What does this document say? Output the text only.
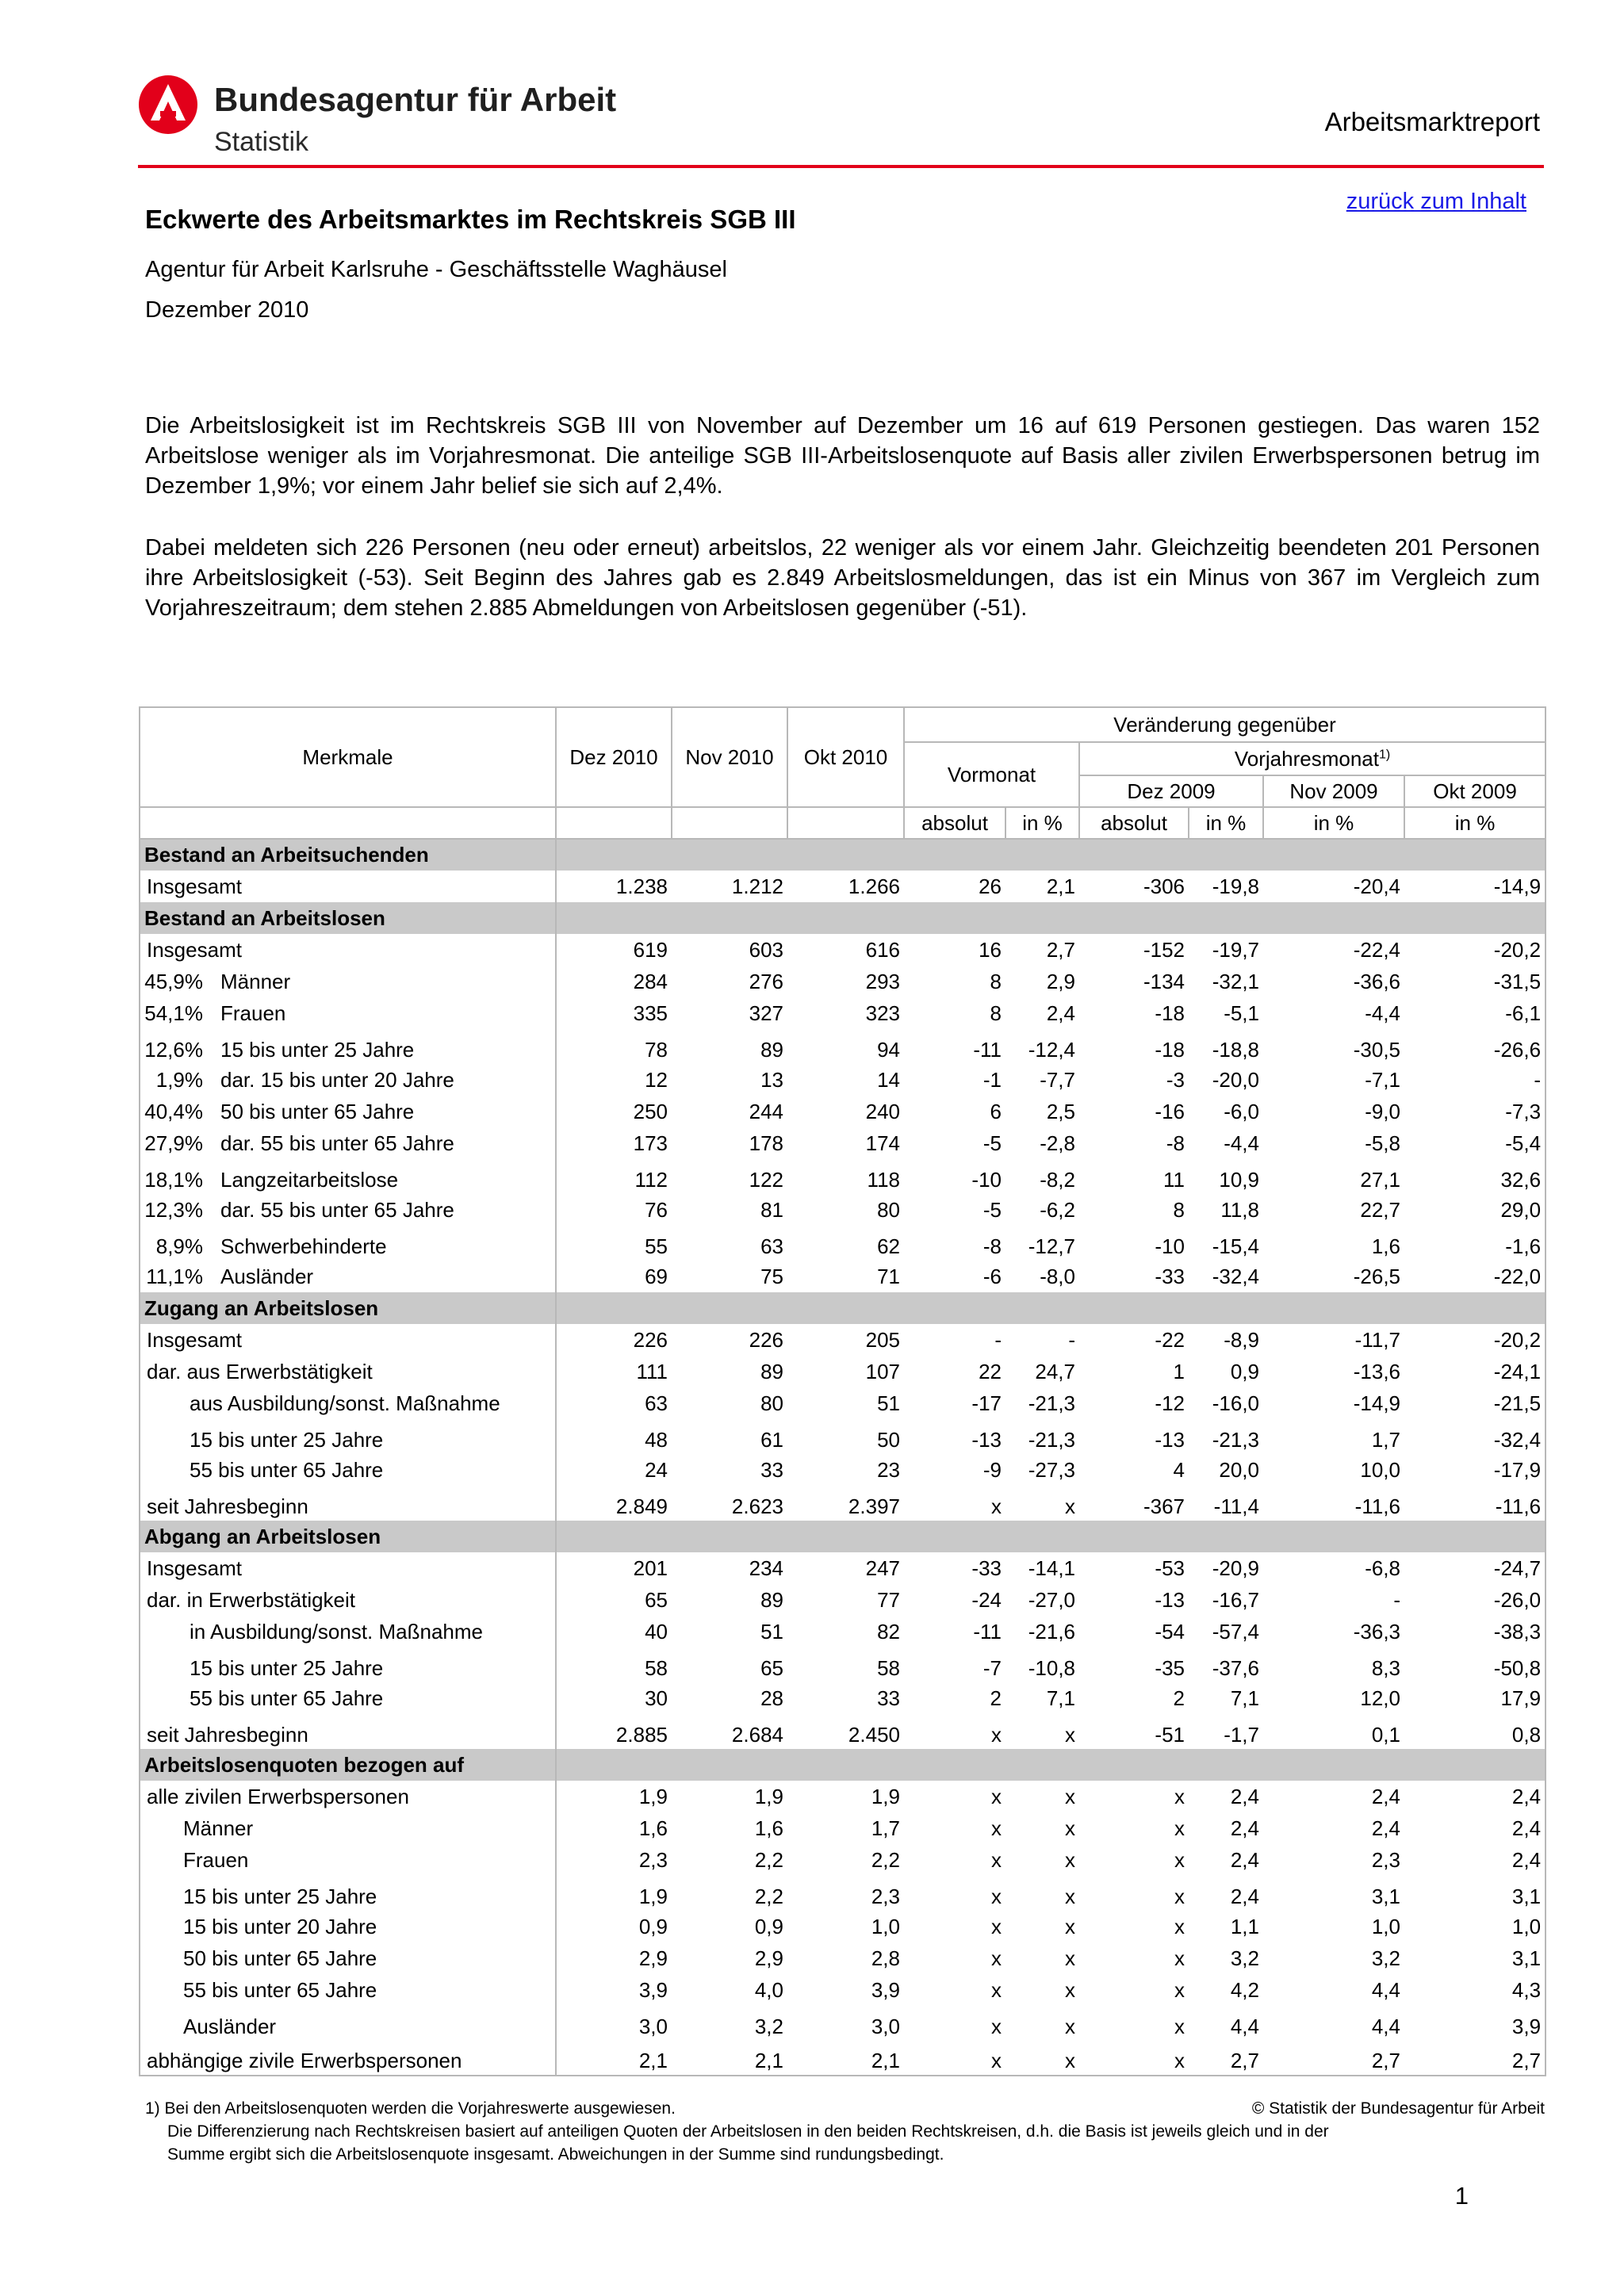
Bundesagentur für Arbeit
Statistik
Arbeitsmarktreport
zurück zum Inhalt
Eckwerte des Arbeitsmarktes im Rechtskreis SGB III
Agentur für Arbeit Karlsruhe - Geschäftsstelle Waghäusel
Dezember 2010
Die Arbeitslosigkeit ist im Rechtskreis SGB III von November auf Dezember um 16 auf 619 Personen gestiegen. Das waren 152 Arbeitslose weniger als im Vorjahresmonat. Die anteilige SGB III-Arbeitslosenquote auf Basis aller zivilen Erwerbspersonen betrug im Dezember 1,9%; vor einem Jahr belief sie sich auf 2,4%.
Dabei meldeten sich 226 Personen (neu oder erneut) arbeitslos, 22 weniger als vor einem Jahr. Gleichzeitig beendeten 201 Personen ihre Arbeitslosigkeit (-53). Seit Beginn des Jahres gab es 2.849 Arbeitslosmeldungen, das ist ein Minus von 367 im Vergleich zum Vorjahreszeitraum; dem stehen 2.885 Abmeldungen von Arbeitslosen gegenüber (-51).
Merkmale	Dez 2010	Nov 2010	Okt 2010	Veränderung gegenüber					
				Vormonat		Vorjahresmonat$^{1)}$
						Dez 2009		Nov 2009	Okt 2009
				absolut	in %	absolut	in %	in %	in %
Bestand an Arbeitsuchenden									
Insgesamt	1.238	1.212	1.266	26	2,1	-306	-19,8	-20,4	-14,9
Bestand an Arbeitslosen									
Insgesamt	619	603	616	16	2,7	-152	-19,7	-22,4	-20,2
45,9% Männer	284	276	293	8	2,9	-134	-32,1	-36,6	-31,5
54,1% Frauen	335	327	323	8	2,4	-18	-5,1	-4,4	-6,1
12,6% 15 bis unter 25 Jahre	78	89	94	-11	-12,4	-18	-18,8	-30,5	-26,6
1,9% dar. 15 bis unter 20 Jahre	12	13	14	-1	-7,7	-3	-20,0	-7,1	-
40,4% 50 bis unter 65 Jahre	250	244	240	6	2,5	-16	-6,0	-9,0	-7,3
27,9% dar. 55 bis unter 65 Jahre	173	178	174	-5	-2,8	-8	-4,4	-5,8	-5,4
18,1% Langzeitarbeitslose	112	122	118	-10	-8,2	11	10,9	27,1	32,6
12,3% dar. 55 bis unter 65 Jahre	76	81	80	-5	-6,2	8	11,8	22,7	29,0
8,9% Schwerbehinderte	55	63	62	-8	-12,7	-10	-15,4	1,6	-1,6
11,1% Ausländer	69	75	71	-6	-8,0	-33	-32,4	-26,5	-22,0
Zugang an Arbeitslosen									
Insgesamt	226	226	205	-	-	-22	-8,9	-11,7	-20,2
dar. aus Erwerbstätigkeit	111	89	107	22	24,7	1	0,9	-13,6	-24,1
aus Ausbildung/sonst. Maßnahme	63	80	51	-17	-21,3	-12	-16,0	-14,9	-21,5
15 bis unter 25 Jahre	48	61	50	-13	-21,3	-13	-21,3	1,7	-32,4
55 bis unter 65 Jahre	24	33	23	-9	-27,3	4	20,0	10,0	-17,9
seit Jahresbeginn	2.849	2.623	2.397	x	x	-367	-11,4	-11,6	-11,6
Abgang an Arbeitslosen									
Insgesamt	201	234	247	-33	-14,1	-53	-20,9	-6,8	-24,7
dar. in Erwerbstätigkeit	65	89	77	-24	-27,0	-13	-16,7	-	-26,0
in Ausbildung/sonst. Maßnahme	40	51	82	-11	-21,6	-54	-57,4	-36,3	-38,3
15 bis unter 25 Jahre	58	65	58	-7	-10,8	-35	-37,6	8,3	-50,8
55 bis unter 65 Jahre	30	28	33	2	7,1	2	7,1	12,0	17,9
seit Jahresbeginn	2.885	2.684	2.450	x	x	-51	-1,7	0,1	0,8
Arbeitslosenquoten bezogen auf									
alle zivilen Erwerbspersonen	1,9	1,9	1,9	x	x	x	2,4	2,4	2,4
Männer	1,6	1,6	1,7	x	x	x	2,4	2,4	2,4
Frauen	2,3	2,2	2,2	x	x	x	2,4	2,3	2,4
15 bis unter 25 Jahre	1,9	2,2	2,3	x	x	x	2,4	3,1	3,1
15 bis unter 20 Jahre	0,9	0,9	1,0	x	x	x	1,1	1,0	1,0
50 bis unter 65 Jahre	2,9	2,9	2,8	x	x	x	3,2	3,2	3,1
55 bis unter 65 Jahre	3,9	4,0	3,9	x	x	x	4,2	4,4	4,3
Ausländer	3,0	3,2	3,0	x	x	x	4,4	4,4	3,9
abhängige zivile Erwerbspersonen	2,1	2,1	2,1	x	x	x	2,7	2,7	2,7
1) Bei den Arbeitslosenquoten werden die Vorjahreswerte ausgewiesen.	© Statistik der Bundesagentur für Arbeit
Die Differenzierung nach Rechtskreisen basiert auf anteiligen Quoten der Arbeitslosen in den beiden Rechtskreisen, d.h. die Basis ist jeweils gleich und in der
Summe ergibt sich die Arbeitslosenquote insgesamt. Abweichungen in der Summe sind rundungsbedingt.
1
